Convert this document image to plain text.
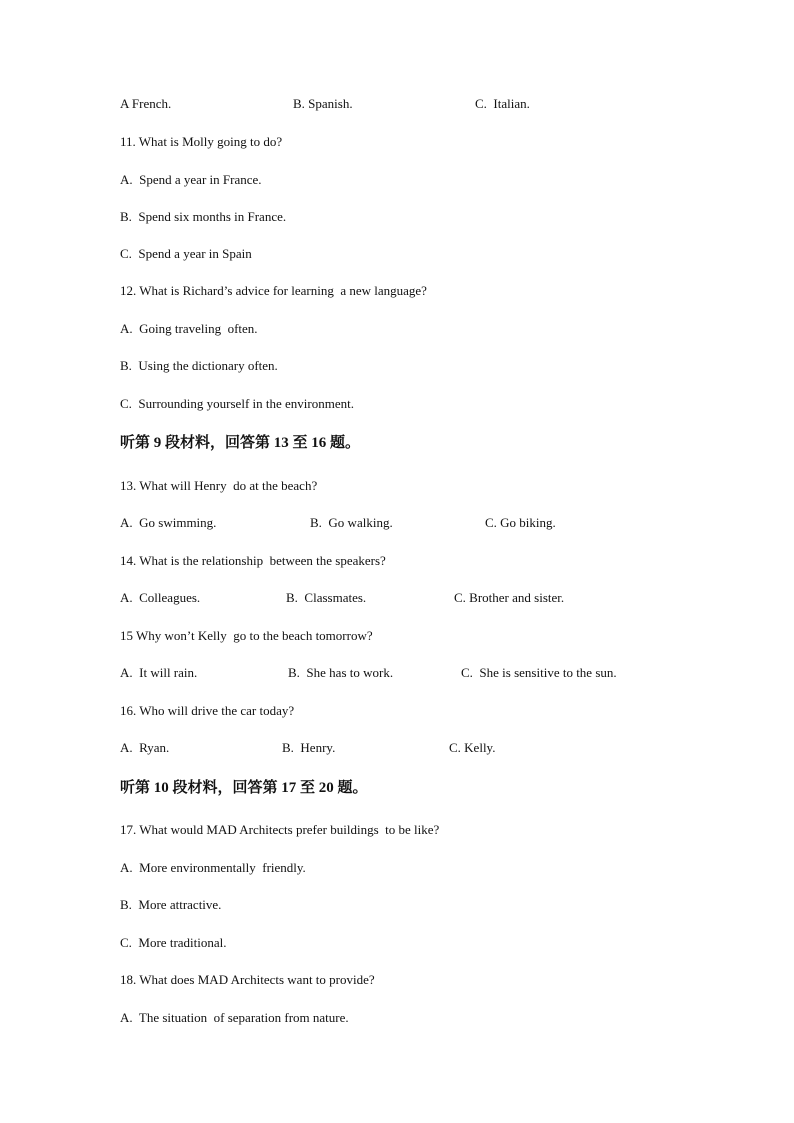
A French.	B. Spanish.	C.  Italian.
11. What is Molly going to do?
A.  Spend a year in France.
B.  Spend six months in France.
C.  Spend a year in Spain
12. What is Richard’s advice for learning  a new language?
A.  Going traveling  often.
B.  Using the dictionary often.
C.  Surrounding yourself in the environment.
听第 9 段材料，回答第 13 至 16 题。
13. What will Henry  do at the beach?
A.  Go swimming.	B.  Go walking.	C. Go biking.
14. What is the relationship  between the speakers?
A.  Colleagues.	B.  Classmates.	C. Brother and sister.
15 Why won’t Kelly  go to the beach tomorrow?
A.  It will rain.	B.  She has to work.	C.  She is sensitive to the sun.
16. Who will drive the car today?
A.  Ryan.	B.  Henry.	C. Kelly.
听第 10 段材料，回答第 17 至 20 题。
17. What would MAD Architects prefer buildings  to be like?
A.  More environmentally  friendly.
B.  More attractive.
C.  More traditional.
18. What does MAD Architects want to provide?
A.  The situation  of separation from nature.
